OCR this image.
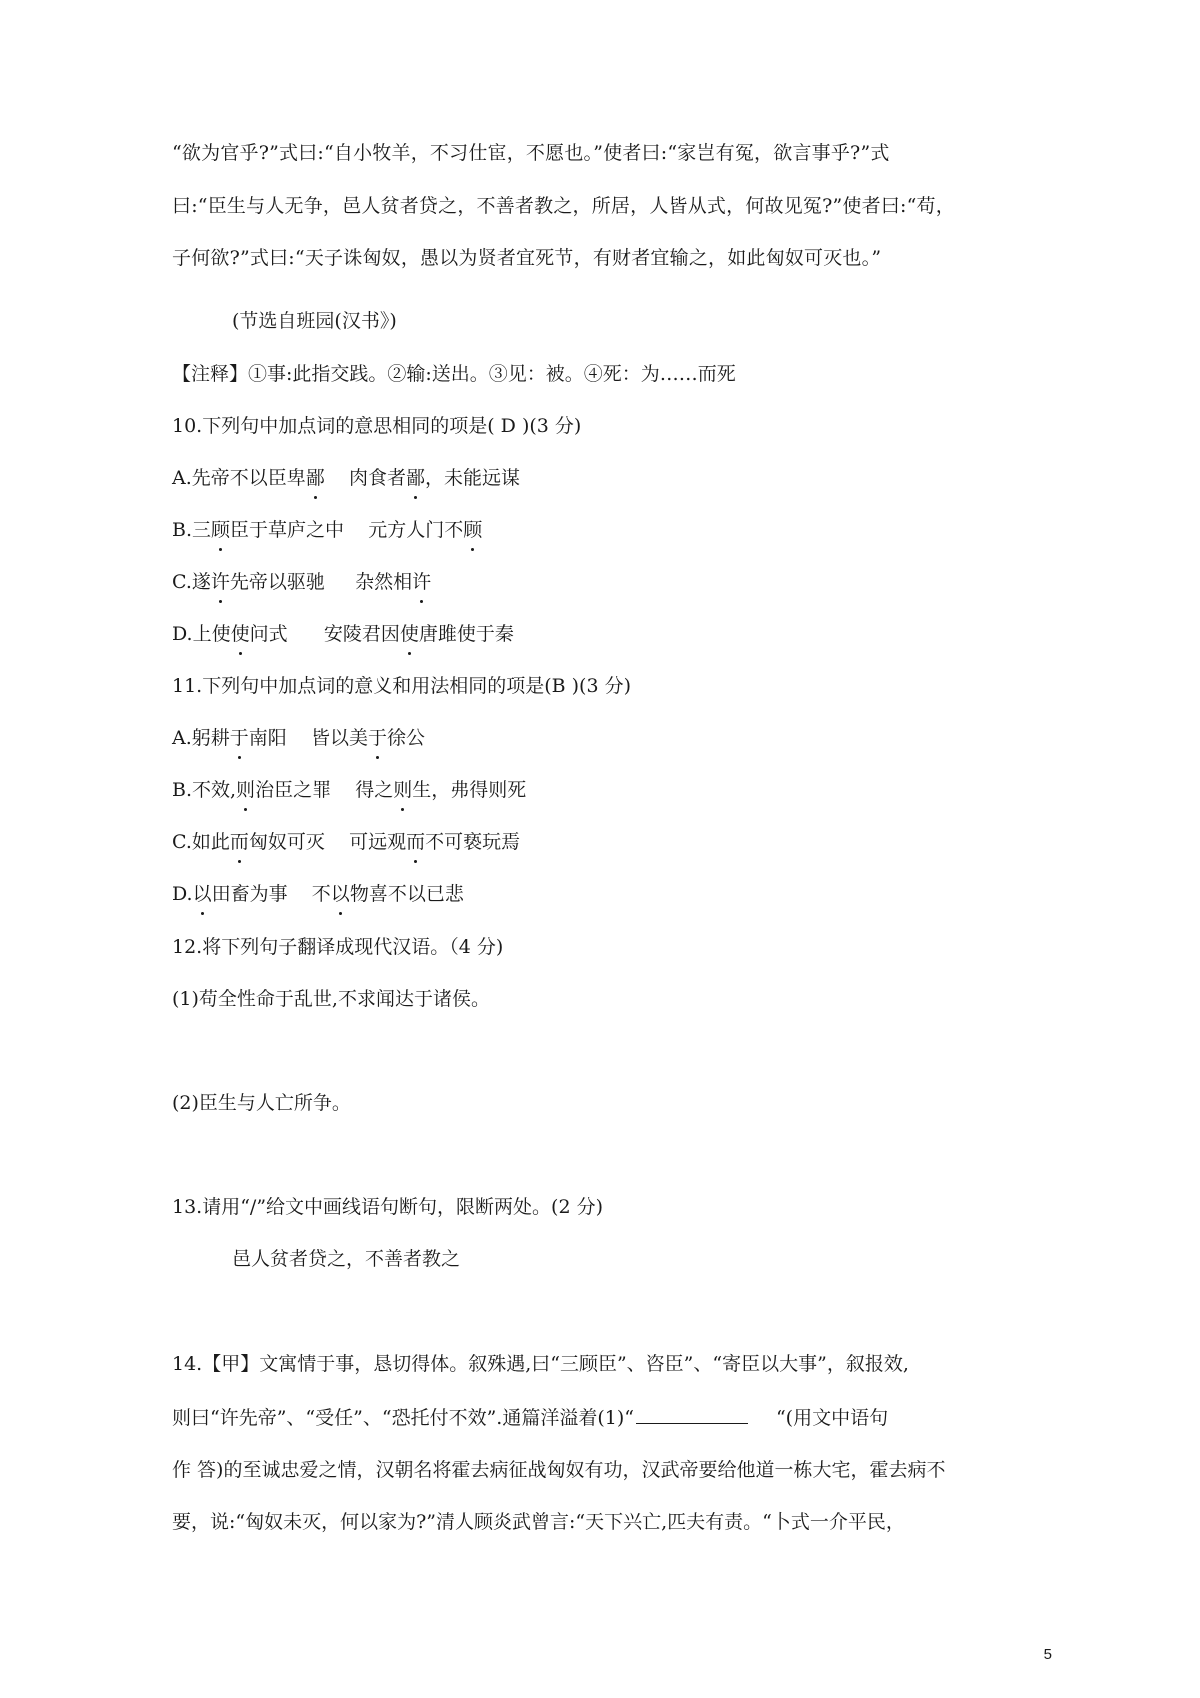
“欲为官乎?”式曰:“自小牧羊，不习仕宦，不愿也。”使者曰:“家岂有冤，欲言事乎?”式
曰:“臣生与人无争，邑人贫者贷之，不善者教之，所居，人皆从式，何故见冤?”使者曰:“苟，
子何欲?”式曰:“天子诛匈奴，愚以为贤者宜死节，有财者宜输之，如此匈奴可灭也。”
(节选自班园(汉书》)
【注释】①事:此指交践。②输:送出。③见：被。④死：为……而死
10.下列句中加点词的意思相同的项是( D )(3 分)
A.先帝不以臣卑鄙    肉食者鄙，未能远谋
B.三顾臣于草庐之中    元方人门不顾
C.遂许先帝以驱驰     杂然相许
D.上使使问式      安陵君因使唐雎使于秦
11.下列句中加点词的意义和用法相同的项是(B )(3 分)
A.躬耕于南阳    皆以美于徐公
B.不效,则治臣之罪    得之则生，弗得则死
C.如此而匈奴可灭    可远观而不可亵玩焉
D.以田畜为事    不以物喜不以已悲
12.将下列句子翻译成现代汉语。（4 分)
(1)苟全性命于乱世,不求闻达于诸侯。
(2)臣生与人亡所争。
13.请用“/”给文中画线语句断句，限断两处。(2 分)
邑人贫者贷之，不善者教之
14.【甲】文寓情于事，恳切得体。叙殊遇,曰“三顾臣”、咨臣”、“寄臣以大事”，叙报效,
则曰“许先帝”、“受任”、“恐托付不效”.通篇洋溢着(1)“	“(用文中语句
作 答)的至诚忠爱之情，汉朝名将霍去病征战匈奴有功，汉武帝要给他道一栋大宅，霍去病不
要，说:“匈奴未灭，何以家为?”清人顾炎武曾言:“天下兴亡,匹夫有责。“卜式一介平民，
5
